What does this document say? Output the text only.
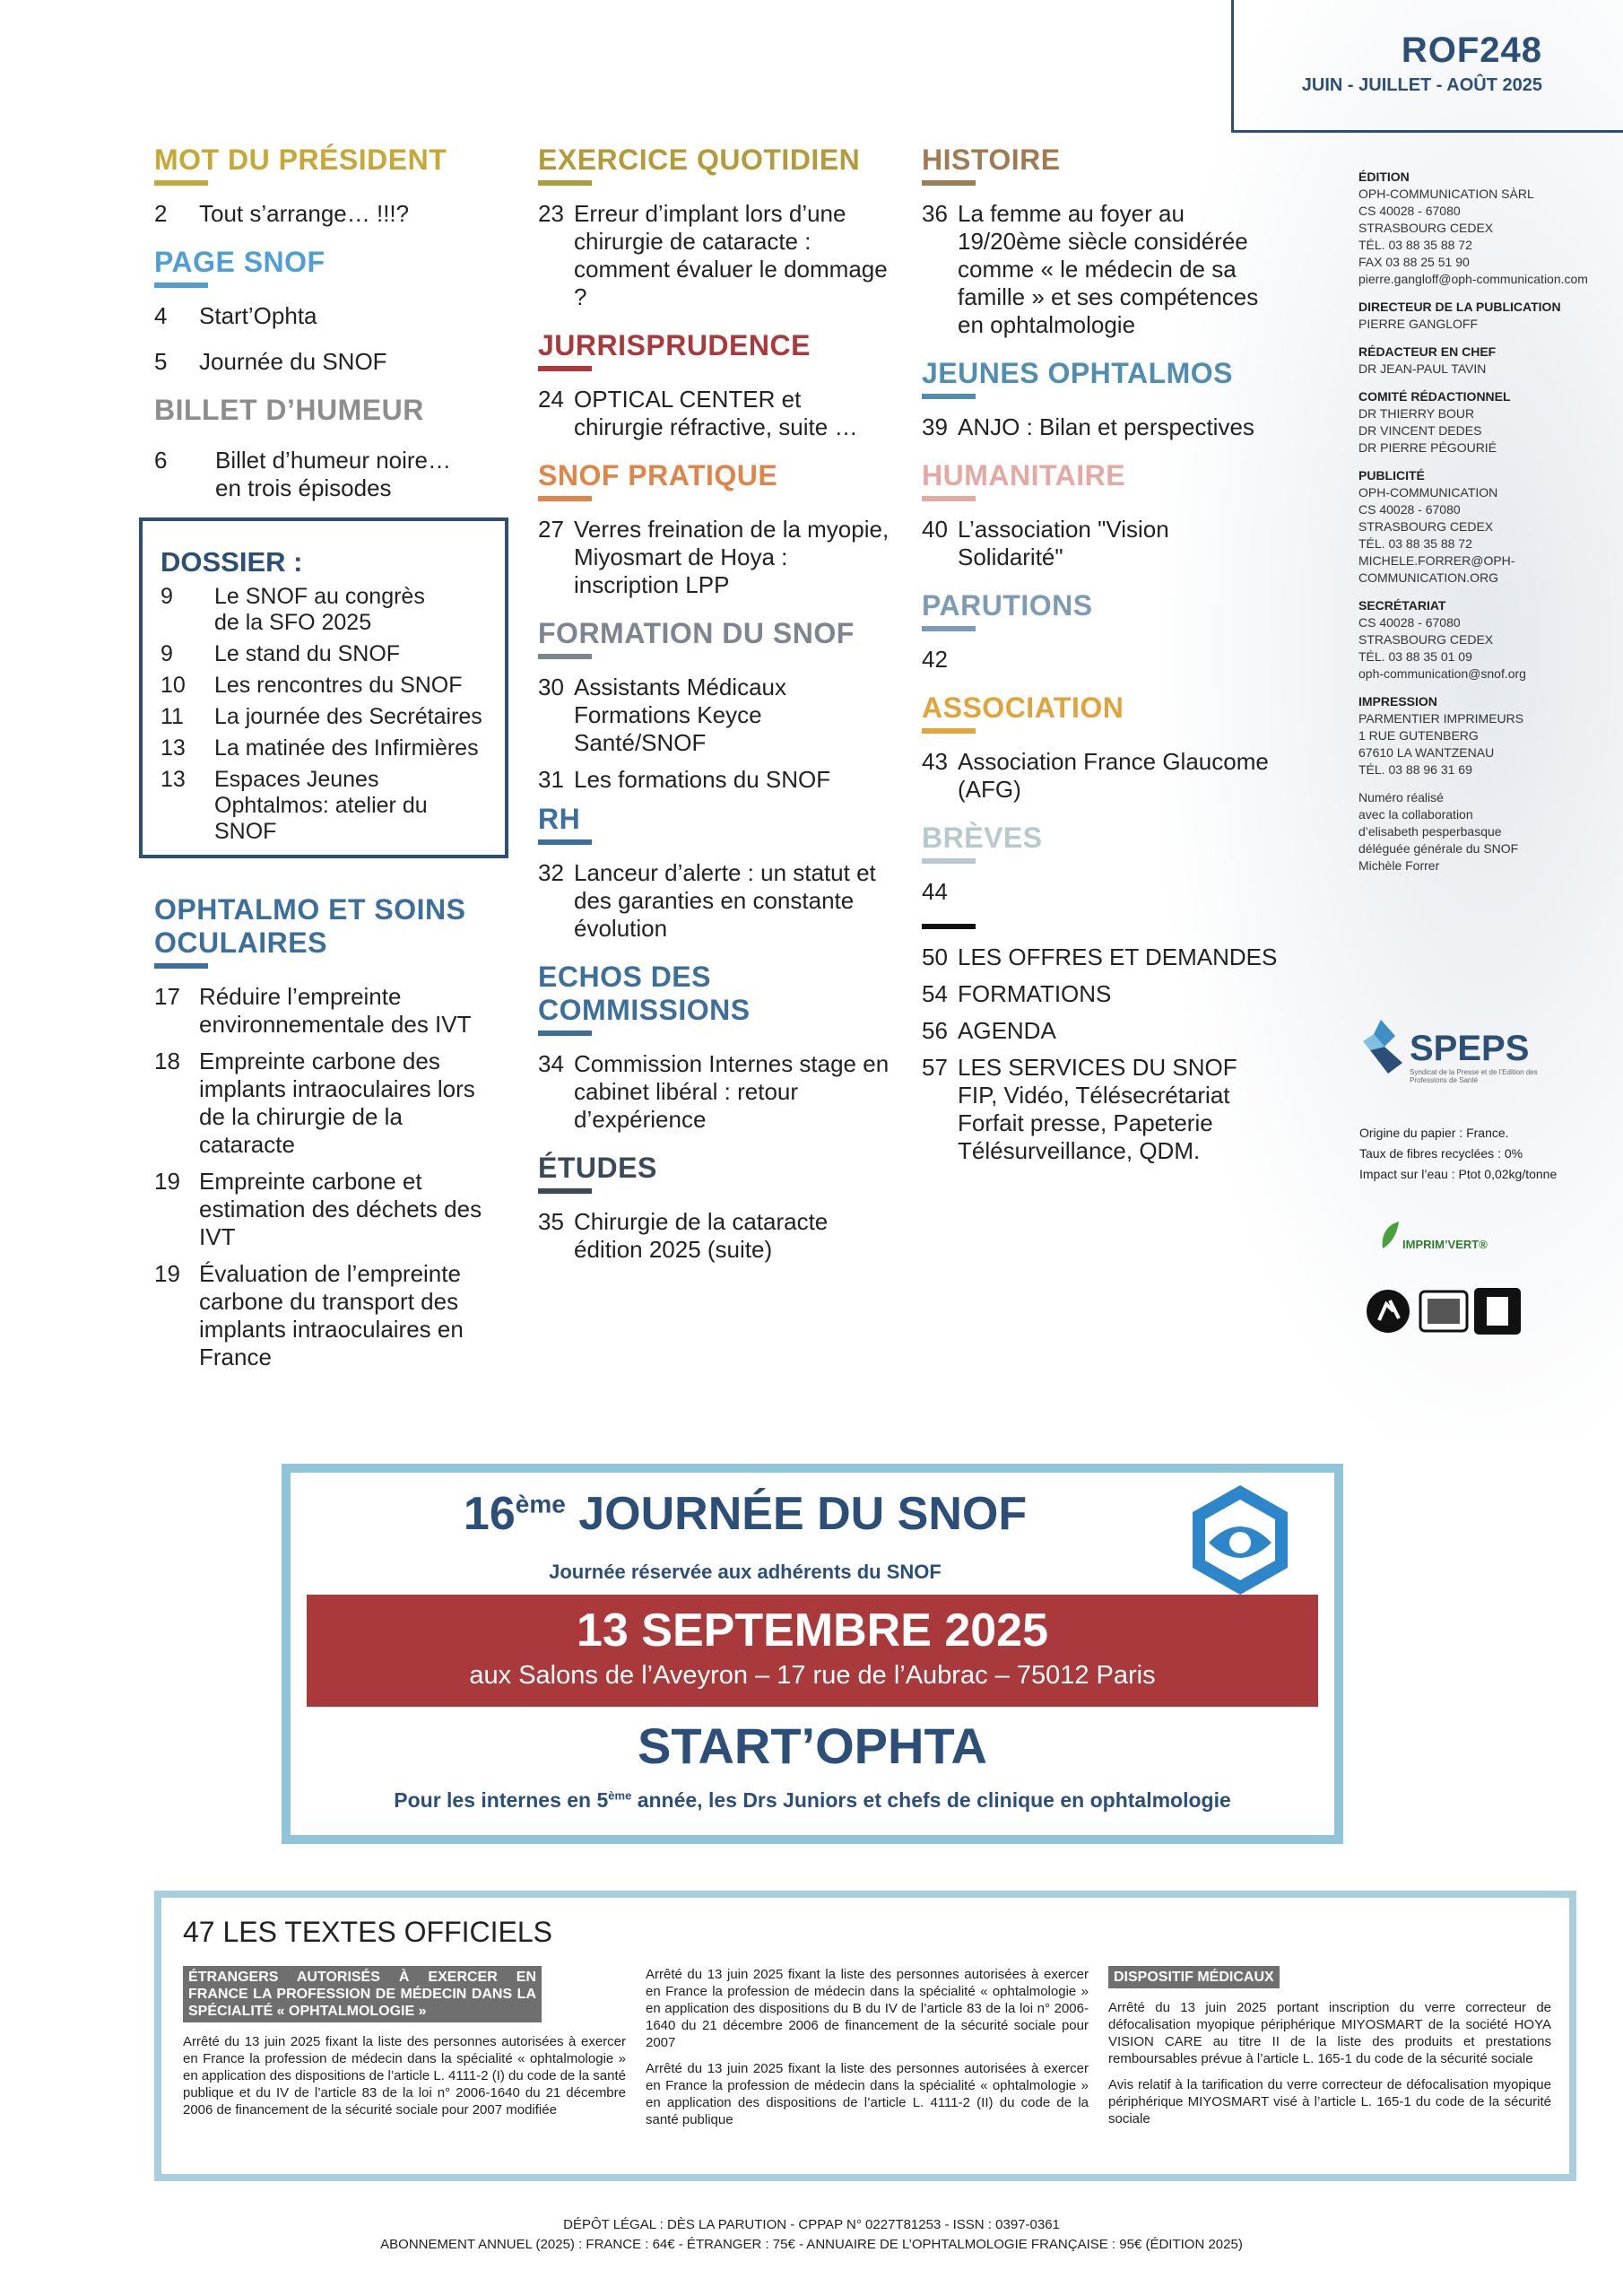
ROF248
JUIN - JUILLET - AOÛT 2025
MOT DU PRÉSIDENT
2	Tout s’arrange… !!!?
PAGE SNOF
4	Start’Ophta
5	Journée du SNOF
BILLET D’HUMEUR
6	Billet d’humeur noire… en trois épisodes
DOSSIER :
9	Le SNOF au congrès de la SFO 2025
9	Le stand du SNOF
10	Les rencontres du SNOF
11	La journée des Secrétaires
13	La matinée des Infirmières
13	Espaces Jeunes Ophtalmos: atelier du SNOF
OPHTALMO ET SOINS OCULAIRES
17 Réduire l’empreinte environnementale des IVT
18 Empreinte carbone des implants intraoculaires lors de la chirurgie de la cataracte
19 Empreinte carbone et estimation des déchets des IVT
19 Évaluation de l’empreinte carbone du transport des implants intraoculaires en France
EXERCICE QUOTIDIEN
23 Erreur d’implant lors d’une chirurgie de cataracte : comment évaluer le dommage ?
JURRISPRUDENCE
24 OPTICAL CENTER et chirurgie réfractive, suite …
SNOF PRATIQUE
27 Verres freination de la myopie, Miyosmart de Hoya : inscription LPP
FORMATION DU SNOF
30 Assistants Médicaux Formations Keyce Santé/SNOF
31 Les formations du SNOF
RH
32 Lanceur d’alerte : un statut et des garanties en constante évolution
ECHOS DES COMMISSIONS
34 Commission Internes stage en cabinet libéral : retour d’expérience
ÉTUDES
35 Chirurgie de la cataracte édition 2025 (suite)
HISTOIRE
36 La femme au foyer au 19/20ème siècle considérée comme « le médecin de sa famille » et ses compétences en ophtalmologie
JEUNES OPHTALMOS
39 ANJO : Bilan et perspectives
HUMANITAIRE
40 L’association "Vision Solidarité"
PARUTIONS
42
ASSOCIATION
43 Association France Glaucome (AFG)
BRÈVES
44
50 LES OFFRES ET DEMANDES
54 FORMATIONS
56 AGENDA
57 LES SERVICES DU SNOF FIP, Vidéo, Télésecrétariat Forfait presse, Papeterie Télésurveillance, QDM.
ÉDITION
OPH-COMMUNICATION SÀRL
CS 40028 - 67080
STRASBOURG CEDEX
TÉL. 03 88 35 88 72
FAX 03 88 25 51 90
pierre.gangloff@oph-communication.com
DIRECTEUR DE LA PUBLICATION
PIERRE GANGLOFF
RÉDACTEUR EN CHEF
DR JEAN-PAUL TAVIN
COMITÉ RÉDACTIONNEL
DR THIERRY BOUR
DR VINCENT DEDES
DR PIERRE PÉGOURIÉ
PUBLICITÉ
OPH-COMMUNICATION
CS 40028 - 67080
STRASBOURG CEDEX
TÉL. 03 88 35 88 72
MICHELE.FORRER@OPH-COMMUNICATION.ORG
SECRÉTARIAT
CS 40028 - 67080
STRASBOURG CEDEX
TÉL. 03 88 35 01 09
oph-communication@snof.org
IMPRESSION
PARMENTIER IMPRIMEURS
1 RUE GUTENBERG
67610 LA WANTZENAU
TÉL. 03 88 96 31 69
Numéro réalisé
avec la collaboration
d’elisabeth pesperbasque
déléguée générale du SNOF
Michèle Forrer
SPEPS
Syndicat de la Presse et de l’Edition des Professions de Santé
Origine du papier : France.
Taux de fibres recyclées : 0%
Impact sur l’eau : Ptot 0,02kg/tonne
IMPRIM’VERT®
16ème JOURNÉE DU SNOF
Journée réservée aux adhérents du SNOF
13 SEPTEMBRE 2025
aux Salons de l’Aveyron – 17 rue de l’Aubrac – 75012 Paris
START’OPHTA
Pour les internes en 5ème année, les Drs Juniors et chefs de clinique en ophtalmologie
47 LES TEXTES OFFICIELS
ÉTRANGERS AUTORISÉS À EXERCER EN FRANCE LA PROFESSION DE MÉDECIN DANS LA SPÉCIALITÉ « OPHTALMOLOGIE »

Arrêté du 13 juin 2025 fixant la liste des personnes autorisées à exercer en France la profession de médecin dans la spécialité « ophtalmologie » en application des dispositions de l’article L. 4111-2 (I) du code de la santé publique et du IV de l’article 83 de la loi n° 2006-1640 du 21 décembre 2006 de financement de la sécurité sociale pour 2007 modifiée

Arrêté du 13 juin 2025 fixant la liste des personnes autorisées à exercer en France la profession de médecin dans la spécialité « ophtalmologie » en application des dispositions du B du IV de l’article 83 de la loi n° 2006-1640 du 21 décembre 2006 de financement de la sécurité sociale pour 2007

Arrêté du 13 juin 2025 fixant la liste des personnes autorisées à exercer en France la profession de médecin dans la spécialité « ophtalmologie » en application des dispositions de l’article L. 4111-2 (II) du code de la santé publique

DISPOSITIF MÉDICAUX

Arrêté du 13 juin 2025 portant inscription du verre correcteur de défocalisation myopique périphérique MIYOSMART de la société HOYA VISION CARE au titre II de la liste des produits et prestations remboursables prévue à l’article L. 165-1 du code de la sécurité sociale

Avis relatif à la tarification du verre correcteur de défocalisation myopique périphérique MIYOSMART visé à l’article L. 165-1 du code de la sécurité sociale

DÉPÔT LÉGAL : DÈS LA PARUTION - CPPAP N° 0227T81253 - ISSN : 0397-0361
ABONNEMENT ANNUEL (2025) : FRANCE : 64€ - ÉTRANGER : 75€ - ANNUAIRE DE L’OPHTALMOLOGIE FRANÇAISE : 95€ (ÉDITION 2025)
